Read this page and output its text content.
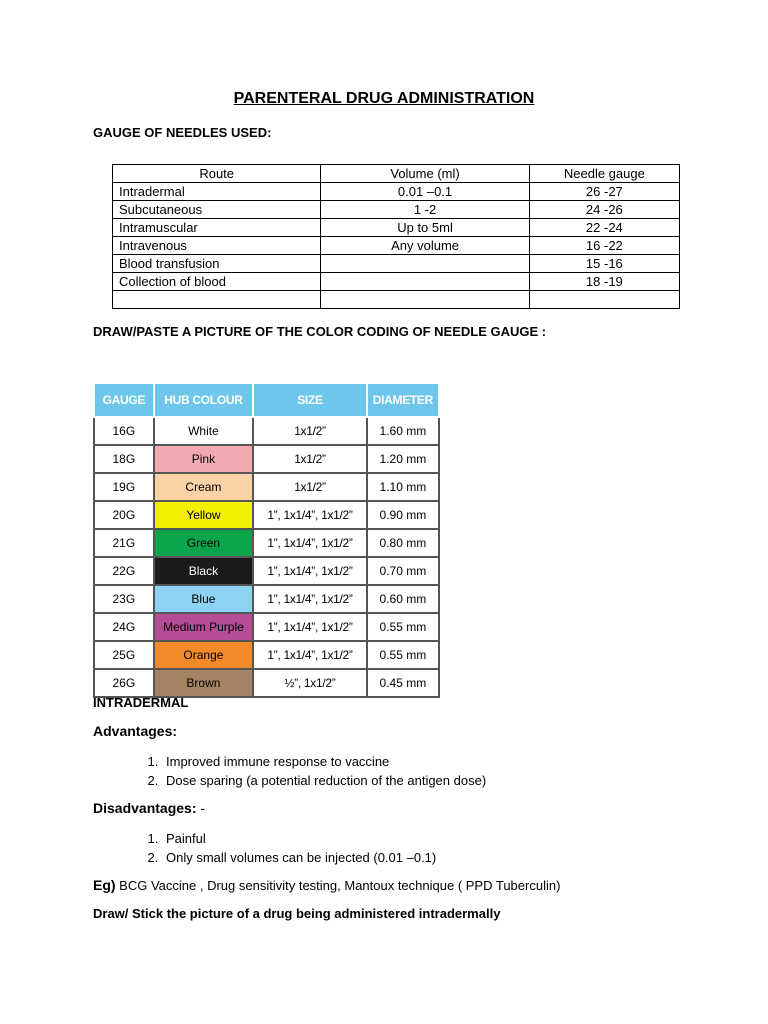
PARENTERAL DRUG ADMINISTRATION
GAUGE OF NEEDLES USED:
Route	Volume (ml)	Needle gauge
Intradermal	0.01 –0.1	26 -27
Subcutaneous	1 -2	24 -26
Intramuscular	Up to 5ml	22 -24
Intravenous	Any volume	16 -22
Blood transfusion		15 -16
Collection of blood		18 -19

DRAW/PASTE A PICTURE OF THE COLOR CODING OF NEEDLE GAUGE :
GAUGE	HUB COLOUR	SIZE	DIAMETER
16G	White	1x1/2”	1.60 mm
18G	Pink	1x1/2”	1.20 mm
19G	Cream	1x1/2”	1.10 mm
20G	Yellow	1”, 1x1/4”, 1x1/2”	0.90 mm
21G	Green	1”, 1x1/4”, 1x1/2”	0.80 mm
22G	Black	1”, 1x1/4”, 1x1/2”	0.70 mm
23G	Blue	1”, 1x1/4”, 1x1/2”	0.60 mm
24G	Medium Purple	1”, 1x1/4”, 1x1/2”	0.55 mm
25G	Orange	1”, 1x1/4”, 1x1/2”	0.55 mm
26G	Brown	½”, 1x1/2”	0.45 mm
INTRADERMAL
Advantages:
1. Improved immune response to vaccine
2. Dose sparing (a potential reduction of the antigen dose)
Disadvantages: -
1. Painful
2. Only small volumes can be injected (0.01 –0.1)
Eg) BCG Vaccine , Drug sensitivity testing, Mantoux technique ( PPD Tuberculin)
Draw/ Stick the picture of a drug being administered intradermally
